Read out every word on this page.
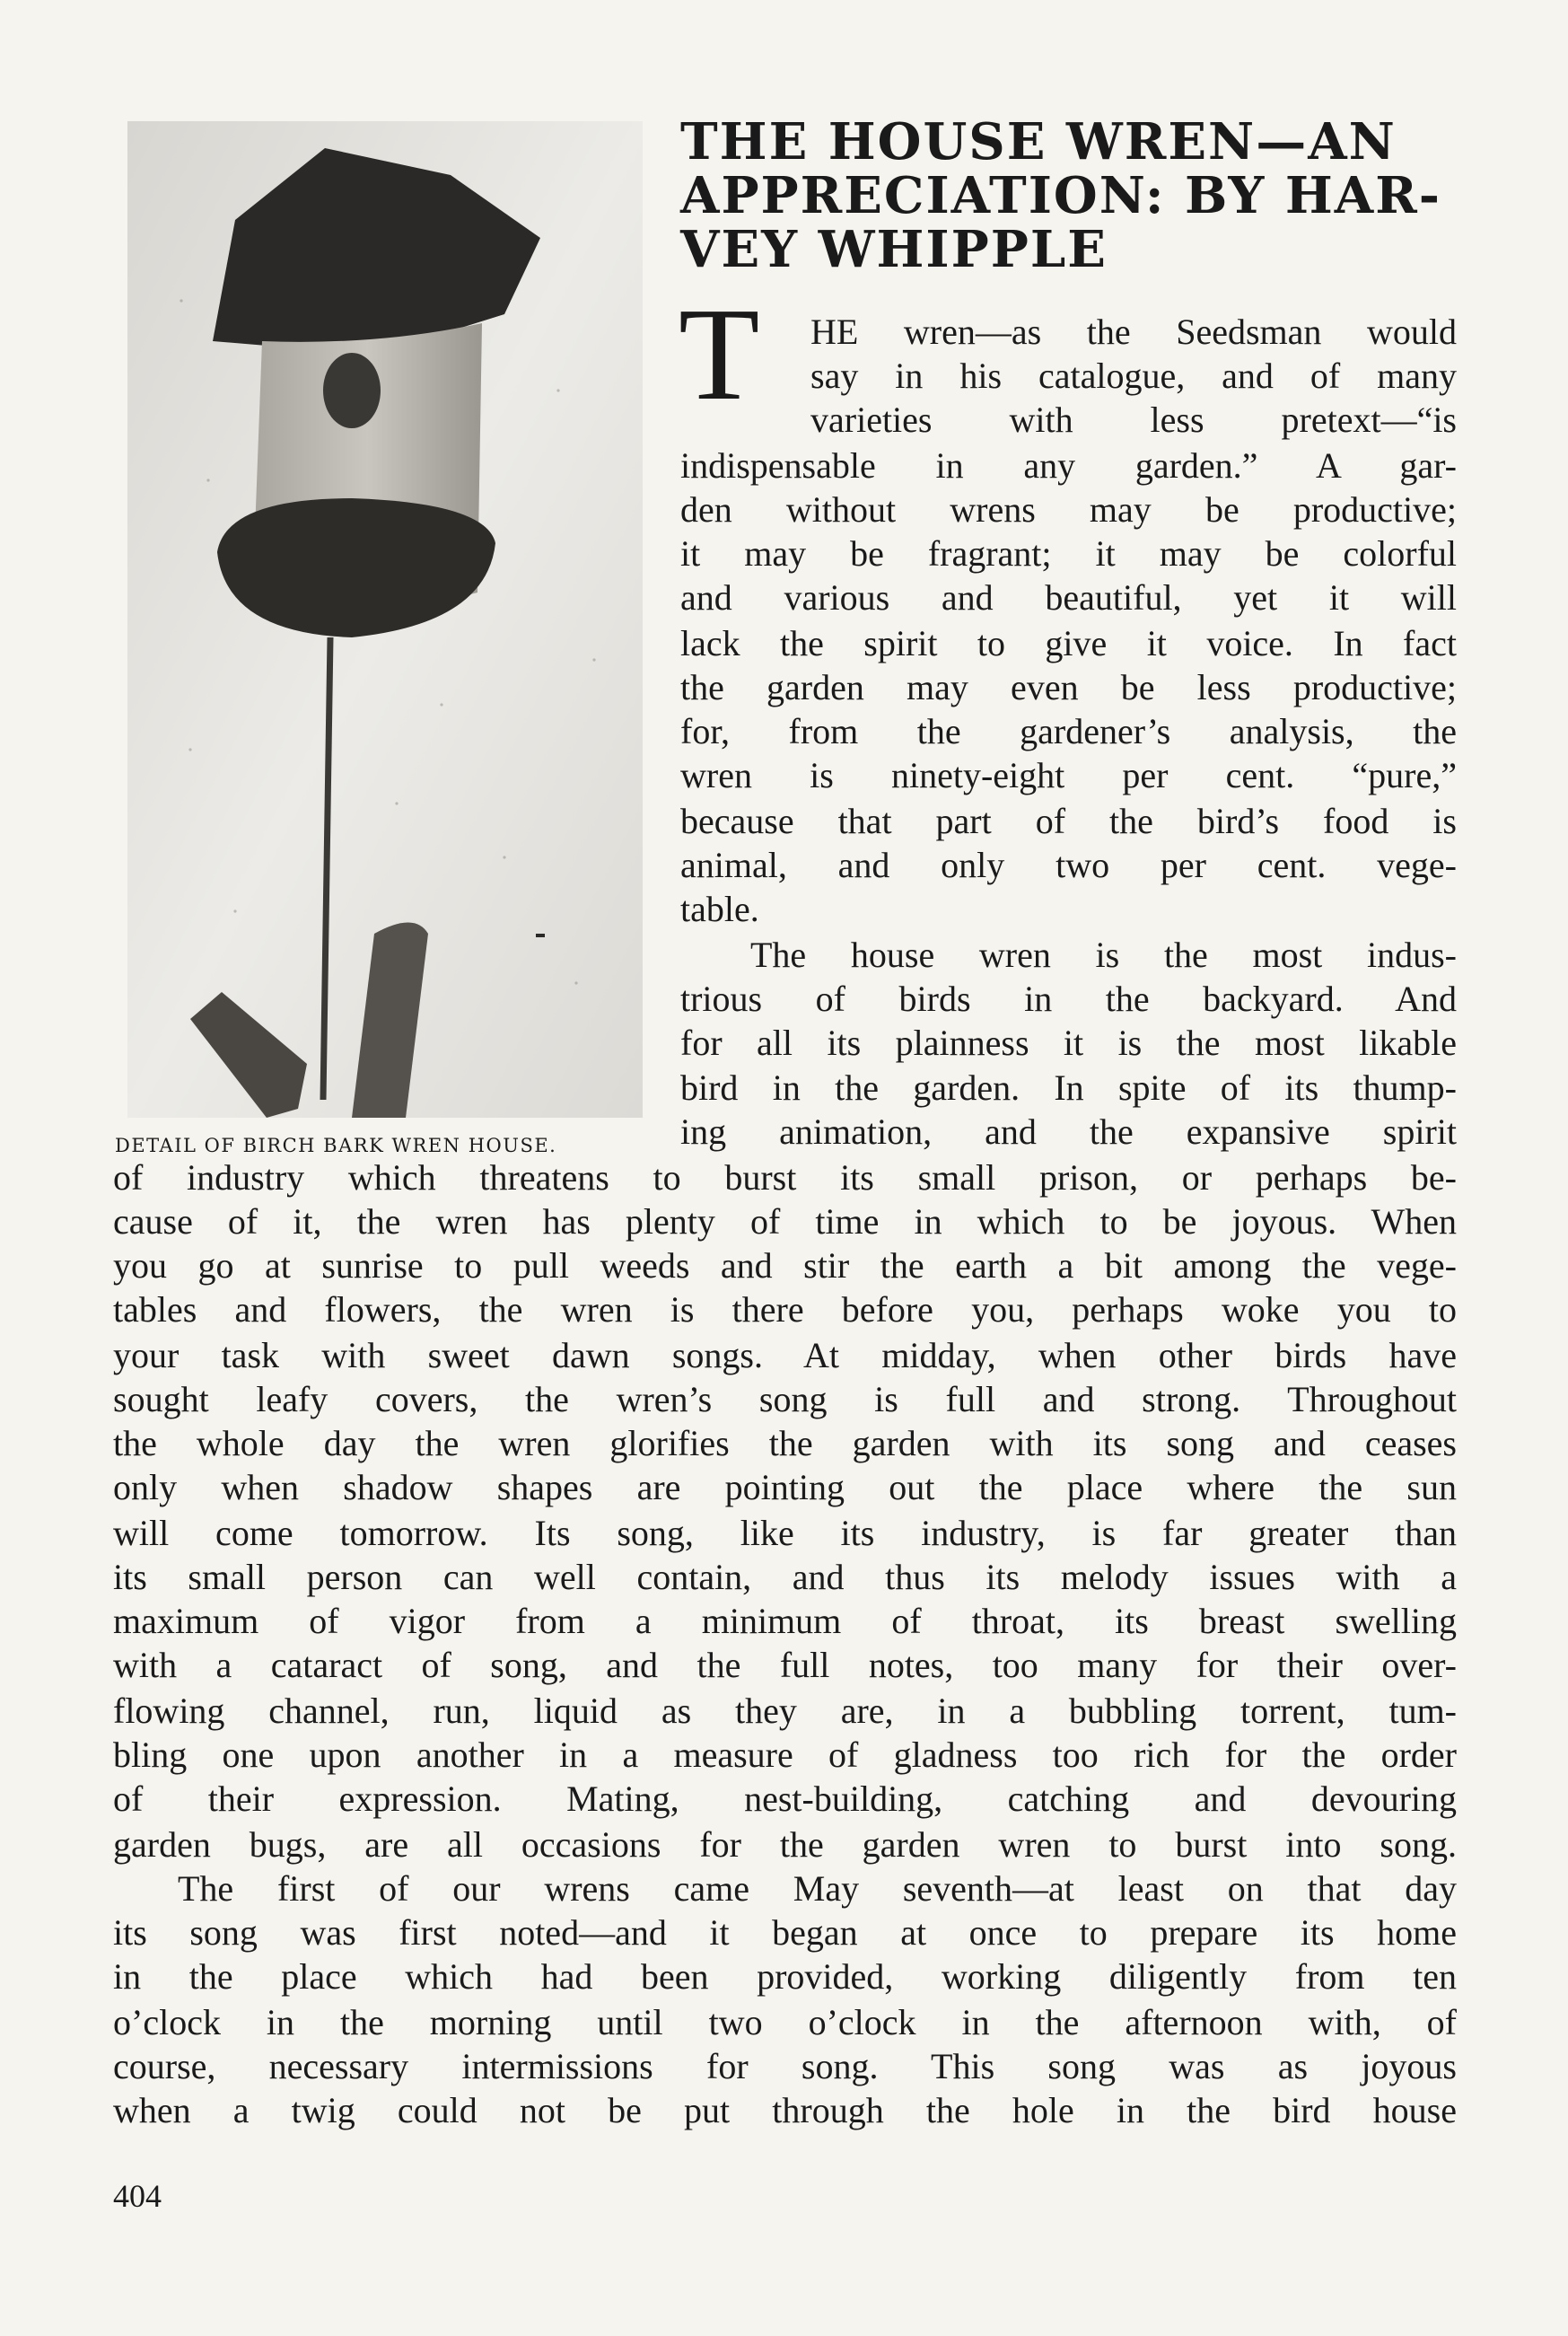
DETAIL OF BIRCH BARK WREN HOUSE.
THE HOUSE WREN—AN
APPRECIATION: BY HAR-
VEY WHIPPLE
T HE wren—as the Seedsman would

say in his catalogue, and of many

varieties with less pretext—“is

indispensable in any garden.” A gar-

den without wrens may be productive;

it may be fragrant; it may be colorful

and various and beautiful, yet it will

lack the spirit to give it voice. In fact

the garden may even be less productive;

for, from the gardener’s analysis, the

wren is ninety-eight per cent. “pure,”

because that part of the bird’s food is

animal, and only two per cent. vege-

table.

The house wren is the most indus-

trious of birds in the backyard. And

for all its plainness it is the most likable

bird in the garden. In spite of its thump-

ing animation, and the expansive spirit

of industry which threatens to burst its small prison, or perhaps be-

cause of it, the wren has plenty of time in which to be joyous. When

you go at sunrise to pull weeds and stir the earth a bit among the vege-

tables and flowers, the wren is there before you, perhaps woke you to

your task with sweet dawn songs. At midday, when other birds have

sought leafy covers, the wren’s song is full and strong. Throughout

the whole day the wren glorifies the garden with its song and ceases

only when shadow shapes are pointing out the place where the sun

will come tomorrow. Its song, like its industry, is far greater than

its small person can well contain, and thus its melody issues with a

maximum of vigor from a minimum of throat, its breast swelling

with a cataract of song, and the full notes, too many for their over-

flowing channel, run, liquid as they are, in a bubbling torrent, tum-

bling one upon another in a measure of gladness too rich for the order

of their expression. Mating, nest-building, catching and devouring

garden bugs, are all occasions for the garden wren to burst into song.

The first of our wrens came May seventh—at least on that day

its song was first noted—and it began at once to prepare its home

in the place which had been provided, working diligently from ten

o’clock in the morning until two o’clock in the afternoon with, of

course, necessary intermissions for song. This song was as joyous

when a twig could not be put through the hole in the bird house

404
